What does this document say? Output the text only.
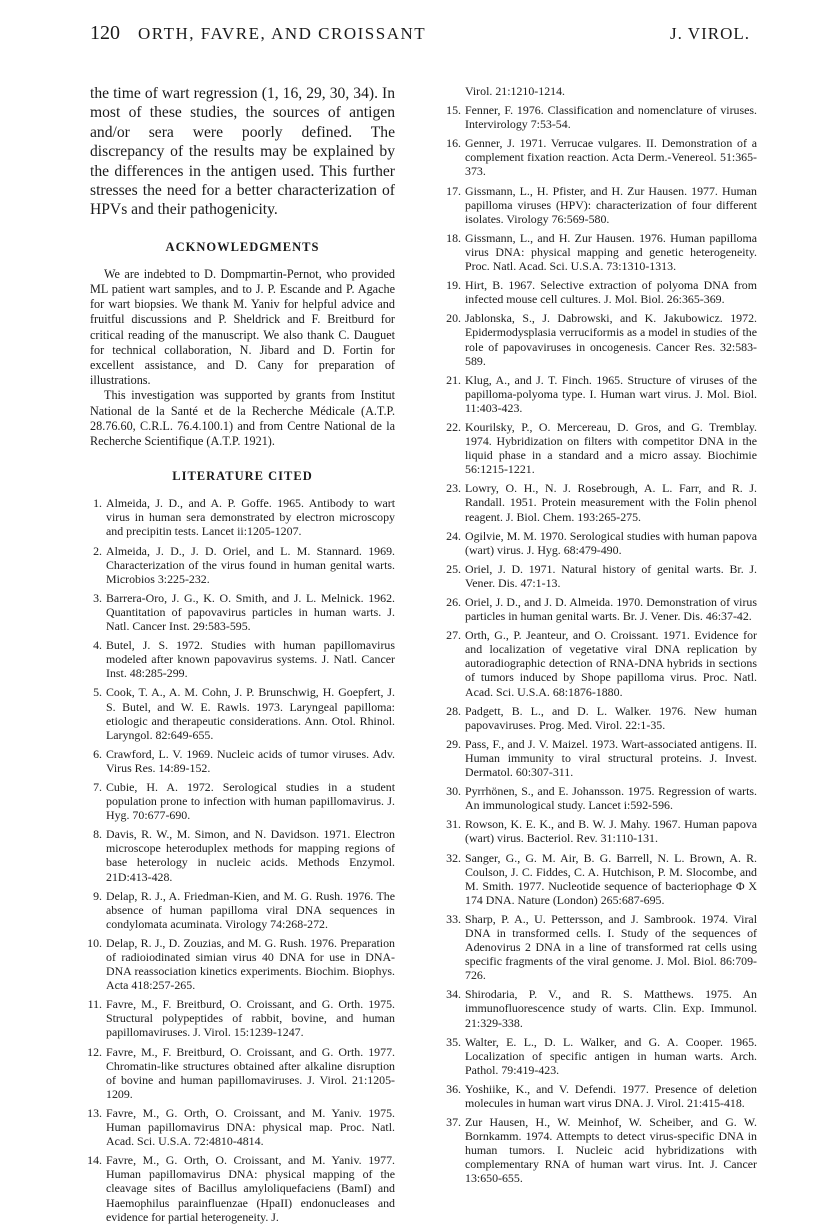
120 ORTH, FAVRE, AND CROISSANT	J. VIROL.

the time of wart regression (1, 16, 29, 30, 34). In most of these studies, the sources of antigen and/or sera were poorly defined. The discrepancy of the results may be explained by the differences in the antigen used. This further stresses the need for a better characterization of HPVs and their pathogenicity.

ACKNOWLEDGMENTS

We are indebted to D. Dompmartin-Pernot, who provided ML patient wart samples, and to J. P. Escande and P. Agache for wart biopsies. We thank M. Yaniv for helpful advice and fruitful discussions and P. Sheldrick and F. Breitburd for critical reading of the manuscript. We also thank C. Dauguet for technical collaboration, N. Jibard and D. Fortin for excellent assistance, and D. Cany for preparation of illustrations.

This investigation was supported by grants from Institut National de la Santé et de la Recherche Médicale (A.T.P. 28.76.60, C.R.L. 76.4.100.1) and from Centre National de la Recherche Scientifique (A.T.P. 1921).

LITERATURE CITED
1. Almeida, J. D., and A. P. Goffe. 1965. Antibody to wart virus in human sera demonstrated by electron microscopy and precipitin tests. Lancet ii:1205-1207.
2. Almeida, J. D., J. D. Oriel, and L. M. Stannard. 1969. Characterization of the virus found in human genital warts. Microbios 3:225-232.
3. Barrera-Oro, J. G., K. O. Smith, and J. L. Melnick. 1962. Quantitation of papovavirus particles in human warts. J. Natl. Cancer Inst. 29:583-595.
4. Butel, J. S. 1972. Studies with human papillomavirus modeled after known papovavirus systems. J. Natl. Cancer Inst. 48:285-299.
5. Cook, T. A., A. M. Cohn, J. P. Brunschwig, H. Goepfert, J. S. Butel, and W. E. Rawls. 1973. Laryngeal papilloma: etiologic and therapeutic considerations. Ann. Otol. Rhinol. Laryngol. 82:649-655.
6. Crawford, L. V. 1969. Nucleic acids of tumor viruses. Adv. Virus Res. 14:89-152.
7. Cubie, H. A. 1972. Serological studies in a student population prone to infection with human papillomavirus. J. Hyg. 70:677-690.
8. Davis, R. W., M. Simon, and N. Davidson. 1971. Electron microscope heteroduplex methods for mapping regions of base heterology in nucleic acids. Methods Enzymol. 21D:413-428.
9. Delap, R. J., A. Friedman-Kien, and M. G. Rush. 1976. The absence of human papilloma viral DNA sequences in condylomata acuminata. Virology 74:268-272.
10. Delap, R. J., D. Zouzias, and M. G. Rush. 1976. Preparation of radioiodinated simian virus 40 DNA for use in DNA-DNA reassociation kinetics experiments. Biochim. Biophys. Acta 418:257-265.
11. Favre, M., F. Breitburd, O. Croissant, and G. Orth. 1975. Structural polypeptides of rabbit, bovine, and human papillomaviruses. J. Virol. 15:1239-1247.
12. Favre, M., F. Breitburd, O. Croissant, and G. Orth. 1977. Chromatin-like structures obtained after alkaline disruption of bovine and human papillomaviruses. J. Virol. 21:1205-1209.
13. Favre, M., G. Orth, O. Croissant, and M. Yaniv. 1975. Human papillomavirus DNA: physical map. Proc. Natl. Acad. Sci. U.S.A. 72:4810-4814.
14. Favre, M., G. Orth, O. Croissant, and M. Yaniv. 1977. Human papillomavirus DNA: physical mapping of the cleavage sites of Bacillus amyloliquefaciens (BamI) and Haemophilus parainfluenzae (HpaII) endonucleases and evidence for partial heterogeneity. J.
Virol. 21:1210-1214.
15. Fenner, F. 1976. Classification and nomenclature of viruses. Intervirology 7:53-54.
16. Genner, J. 1971. Verrucae vulgares. II. Demonstration of a complement fixation reaction. Acta Derm.-Venereol. 51:365-373.
17. Gissmann, L., H. Pfister, and H. Zur Hausen. 1977. Human papilloma viruses (HPV): characterization of four different isolates. Virology 76:569-580.
18. Gissmann, L., and H. Zur Hausen. 1976. Human papilloma virus DNA: physical mapping and genetic heterogeneity. Proc. Natl. Acad. Sci. U.S.A. 73:1310-1313.
19. Hirt, B. 1967. Selective extraction of polyoma DNA from infected mouse cell cultures. J. Mol. Biol. 26:365-369.
20. Jablonska, S., J. Dabrowski, and K. Jakubowicz. 1972. Epidermodysplasia verruciformis as a model in studies of the role of papovaviruses in oncogenesis. Cancer Res. 32:583-589.
21. Klug, A., and J. T. Finch. 1965. Structure of viruses of the papilloma-polyoma type. I. Human wart virus. J. Mol. Biol. 11:403-423.
22. Kourilsky, P., O. Mercereau, D. Gros, and G. Tremblay. 1974. Hybridization on filters with competitor DNA in the liquid phase in a standard and a micro assay. Biochimie 56:1215-1221.
23. Lowry, O. H., N. J. Rosebrough, A. L. Farr, and R. J. Randall. 1951. Protein measurement with the Folin phenol reagent. J. Biol. Chem. 193:265-275.
24. Ogilvie, M. M. 1970. Serological studies with human papova (wart) virus. J. Hyg. 68:479-490.
25. Oriel, J. D. 1971. Natural history of genital warts. Br. J. Vener. Dis. 47:1-13.
26. Oriel, J. D., and J. D. Almeida. 1970. Demonstration of virus particles in human genital warts. Br. J. Vener. Dis. 46:37-42.
27. Orth, G., P. Jeanteur, and O. Croissant. 1971. Evidence for and localization of vegetative viral DNA replication by autoradiographic detection of RNA-DNA hybrids in sections of tumors induced by Shope papilloma virus. Proc. Natl. Acad. Sci. U.S.A. 68:1876-1880.
28. Padgett, B. L., and D. L. Walker. 1976. New human papovaviruses. Prog. Med. Virol. 22:1-35.
29. Pass, F., and J. V. Maizel. 1973. Wart-associated antigens. II. Human immunity to viral structural proteins. J. Invest. Dermatol. 60:307-311.
30. Pyrrhönen, S., and E. Johansson. 1975. Regression of warts. An immunological study. Lancet i:592-596.
31. Rowson, K. E. K., and B. W. J. Mahy. 1967. Human papova (wart) virus. Bacteriol. Rev. 31:110-131.
32. Sanger, G., G. M. Air, B. G. Barrell, N. L. Brown, A. R. Coulson, J. C. Fiddes, C. A. Hutchison, P. M. Slocombe, and M. Smith. 1977. Nucleotide sequence of bacteriophage Φ X 174 DNA. Nature (London) 265:687-695.
33. Sharp, P. A., U. Pettersson, and J. Sambrook. 1974. Viral DNA in transformed cells. I. Study of the sequences of Adenovirus 2 DNA in a line of transformed rat cells using specific fragments of the viral genome. J. Mol. Biol. 86:709-726.
34. Shirodaria, P. V., and R. S. Matthews. 1975. An immunofluorescence study of warts. Clin. Exp. Immunol. 21:329-338.
35. Walter, E. L., D. L. Walker, and G. A. Cooper. 1965. Localization of specific antigen in human warts. Arch. Pathol. 79:419-423.
36. Yoshiike, K., and V. Defendi. 1977. Presence of deletion molecules in human wart virus DNA. J. Virol. 21:415-418.
37. Zur Hausen, H., W. Meinhof, W. Scheiber, and G. W. Bornkamm. 1974. Attempts to detect virus-specific DNA in human tumors. I. Nucleic acid hybridizations with complementary RNA of human wart virus. Int. J. Cancer 13:650-655.
